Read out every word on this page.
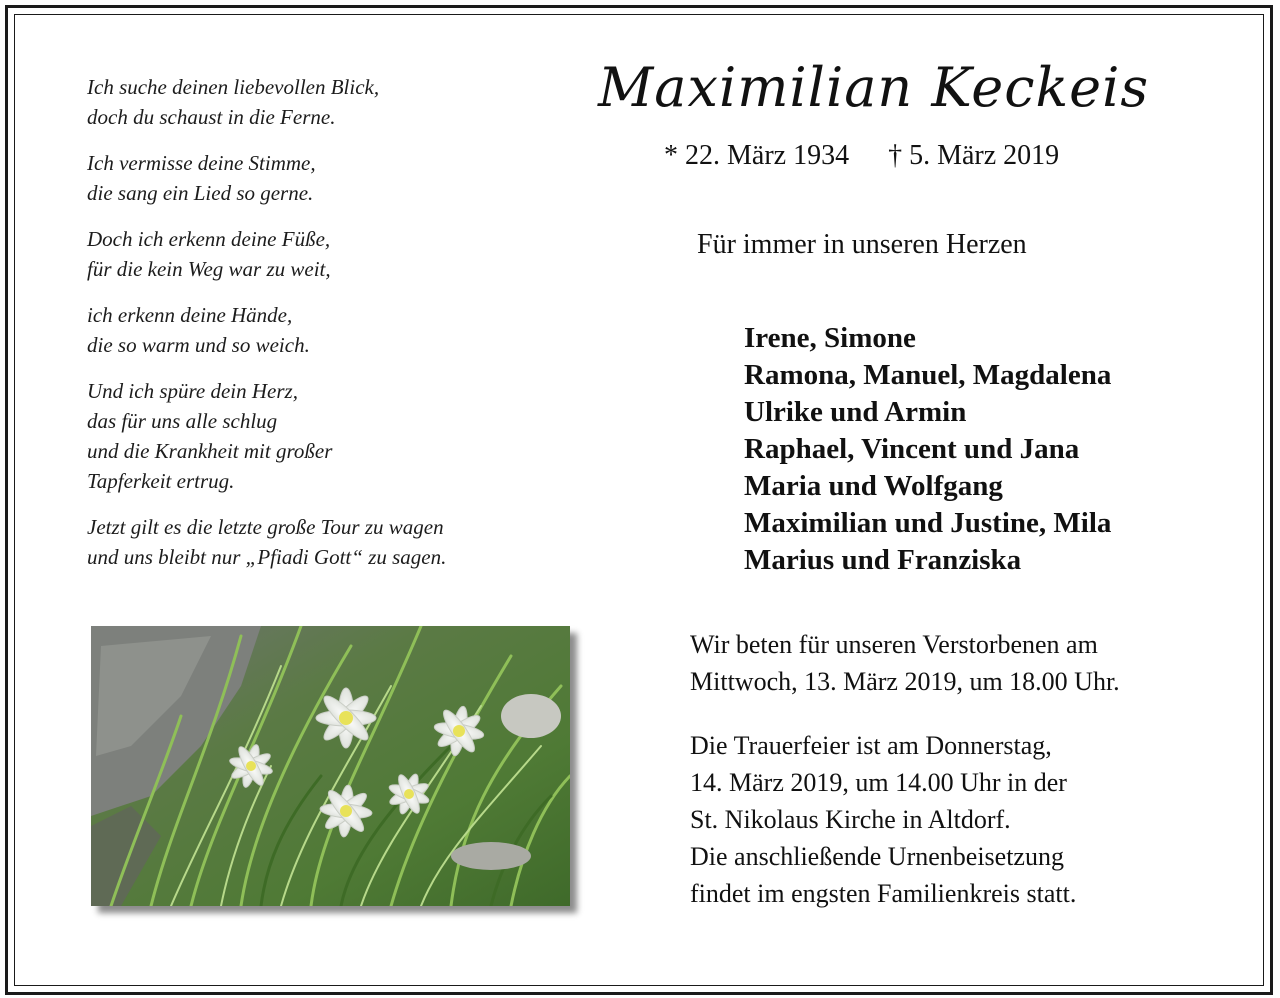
Ich suche deinen liebevollen Blick,
doch du schaust in die Ferne.

Ich vermisse deine Stimme,
die sang ein Lied so gerne.

Doch ich erkenn deine Füße,
für die kein Weg war zu weit,

ich erkenn deine Hände,
die so warm und so weich.

Und ich spüre dein Herz,
das für uns alle schlug
und die Krankheit mit großer
Tapferkeit ertrug.

Jetzt gilt es die letzte große Tour zu wagen
und uns bleibt nur „Pfiadi Gott“ zu sagen.

Maximilian Keckeis
* 22. März 1934 † 5. März 2019
Für immer in unseren Herzen
Irene, Simone
Ramona, Manuel, Magdalena
Ulrike und Armin
Raphael, Vincent und Jana
Maria und Wolfgang
Maximilian und Justine, Mila
Marius und Franziska
Wir beten für unseren Verstorbenen am
Mittwoch, 13. März 2019, um 18.00 Uhr.
Die Trauerfeier ist am Donnerstag,
14. März 2019, um 14.00 Uhr in der
St. Nikolaus Kirche in Altdorf.
Die anschließende Urnenbeisetzung
findet im engsten Familienkreis statt.
